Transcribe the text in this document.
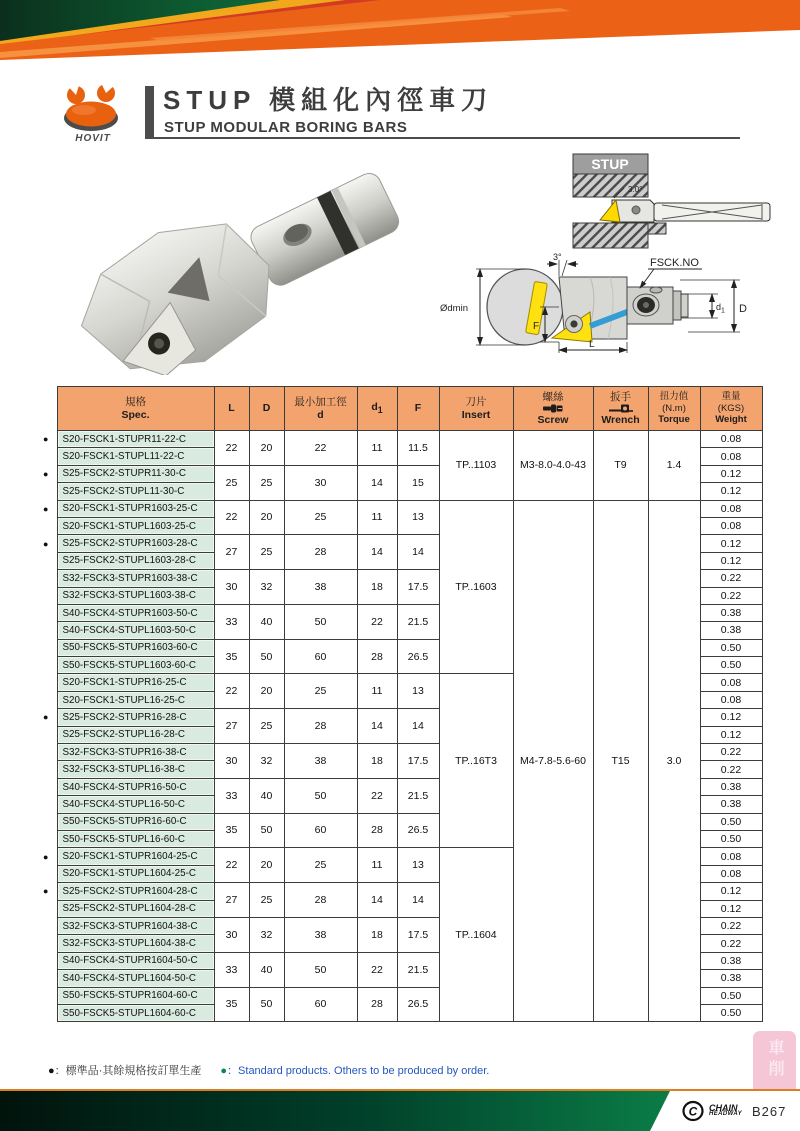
HOVIT
STUP 模組化內徑車刀
STUP MODULAR BORING BARS
STUP
3.0°
Ødmin
3°	FSCK.NO
F
L
$d_1$ D

規格
Spec.

L	D

最小加工徑
d

$d_1$	F

刀片
Insert

螺絲
Screw

扳手
Wrench

扭力值
(N.m)
Torque

重量
(KGS)
Weight

●	S20-FSCK1-STUPR11-22-C	22	20	22	11	11.5	TP..1103	M3-8.0-4.0-43	T9	1.4	0.08
	S20-FSCK1-STUPL11-22-C										0.08
●	S25-FSCK2-STUPR11-30-C	25	25	30	14	15					0.12
	S25-FSCK2-STUPL11-30-C										0.12
●	S20-FSCK1-STUPR1603-25-C	22	20	25	11	13	TP..1603	M4-7.8-5.6-60	T15	3.0	0.08
	S20-FSCK1-STUPL1603-25-C										0.08
●	S25-FSCK2-STUPR1603-28-C	27	25	28	14	14					0.12
	S25-FSCK2-STUPL1603-28-C										0.12
	S32-FSCK3-STUPR1603-38-C	30	32	38	18	17.5					0.22
	S32-FSCK3-STUPL1603-38-C										0.22
	S40-FSCK4-STUPR1603-50-C	33	40	50	22	21.5					0.38
	S40-FSCK4-STUPL1603-50-C										0.38
	S50-FSCK5-STUPR1603-60-C	35	50	60	28	26.5					0.50
	S50-FSCK5-STUPL1603-60-C										0.50
	S20-FSCK1-STUPR16-25-C	22	20	25	11	13	TP..16T3				0.08
	S20-FSCK1-STUPL16-25-C										0.08
●	S25-FSCK2-STUPR16-28-C	27	25	28	14	14					0.12
	S25-FSCK2-STUPL16-28-C										0.12
	S32-FSCK3-STUPR16-38-C	30	32	38	18	17.5					0.22
	S32-FSCK3-STUPL16-38-C										0.22
	S40-FSCK4-STUPR16-50-C	33	40	50	22	21.5					0.38
	S40-FSCK4-STUPL16-50-C										0.38
	S50-FSCK5-STUPR16-60-C	35	50	60	28	26.5					0.50
	S50-FSCK5-STUPL16-60-C										0.50
●	S20-FSCK1-STUPR1604-25-C	22	20	25	11	13	TP..1604				0.08
	S20-FSCK1-STUPL1604-25-C										0.08
●	S25-FSCK2-STUPR1604-28-C	27	25	28	14	14					0.12
	S25-FSCK2-STUPL1604-28-C										0.12
	S32-FSCK3-STUPR1604-38-C	30	32	38	18	17.5					0.22
	S32-FSCK3-STUPL1604-38-C										0.22
	S40-FSCK4-STUPR1604-50-C	33	40	50	22	21.5					0.38
	S40-FSCK4-STUPL1604-50-C										0.38
	S50-FSCK5-STUPR1604-60-C	35	50	60	28	26.5					0.50
	S50-FSCK5-STUPL1604-60-C										0.50
●：標準品·其餘規格按訂單生產 ●：Standard products. Others to be produced by order.	車削
C CHAIN
HEADWAY B267
